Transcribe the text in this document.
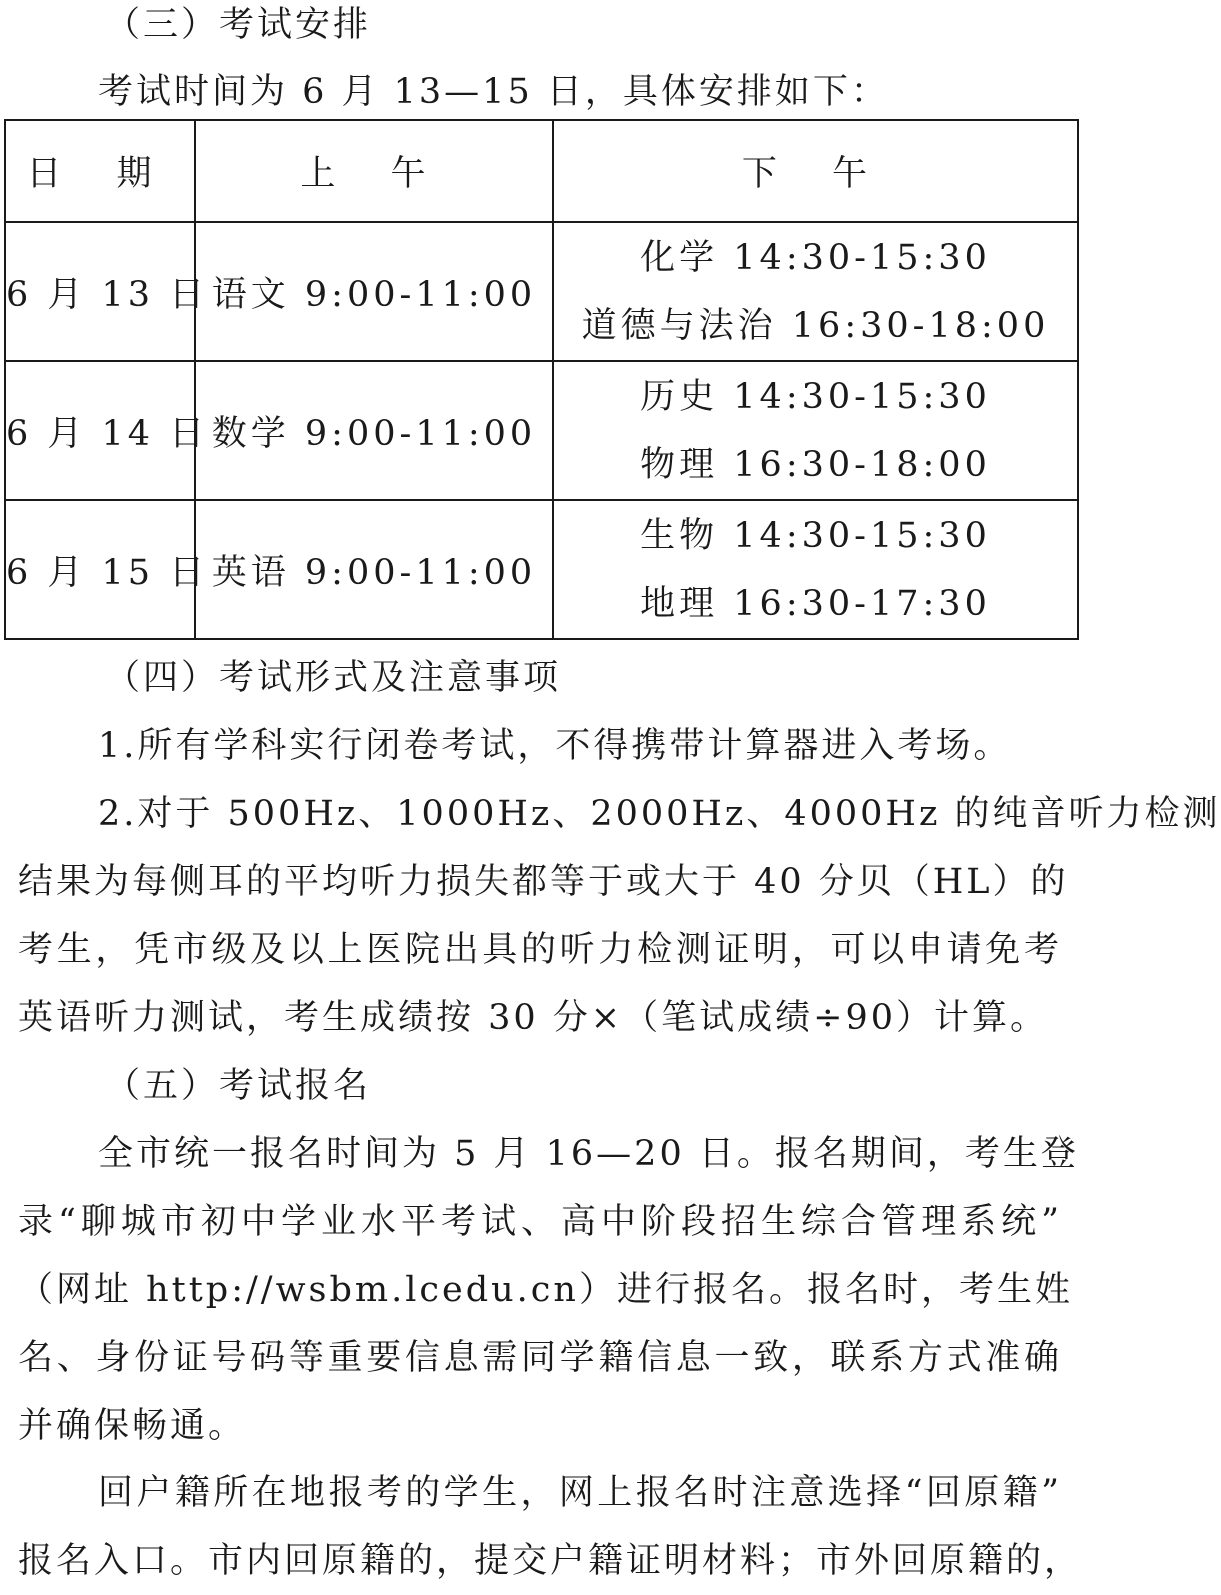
（三）考试安排
考试时间为 6 月 13—15 日，具体安排如下：
日 期	上 午	下 午
6 月 13 日	语文 9:00-11:00	化学 14:30-15:30
道德与法治 16:30-18:00

6 月 14 日	数学 9:00-11:00	历史 14:30-15:30
物理 16:30-18:00

6 月 15 日	英语 9:00-11:00	生物 14:30-15:30
地理 16:30-17:30
（四）考试形式及注意事项
1.所有学科实行闭卷考试，不得携带计算器进入考场。
2.对于 500Hz、1000Hz、2000Hz、4000Hz 的纯音听力检测
结果为每侧耳的平均听力损失都等于或大于 40 分贝（HL）的
考生，凭市级及以上医院出具的听力检测证明，可以申请免考
英语听力测试，考生成绩按 30 分×（笔试成绩÷90）计算。
（五）考试报名
全市统一报名时间为 5 月 16—20 日。报名期间，考生登
录“聊城市初中学业水平考试、高中阶段招生综合管理系统”
（网址 http://wsbm.lcedu.cn）进行报名。报名时，考生姓
名、身份证号码等重要信息需同学籍信息一致，联系方式准确
并确保畅通。
回户籍所在地报考的学生，网上报名时注意选择“回原籍”
报名入口。市内回原籍的，提交户籍证明材料；市外回原籍的，
